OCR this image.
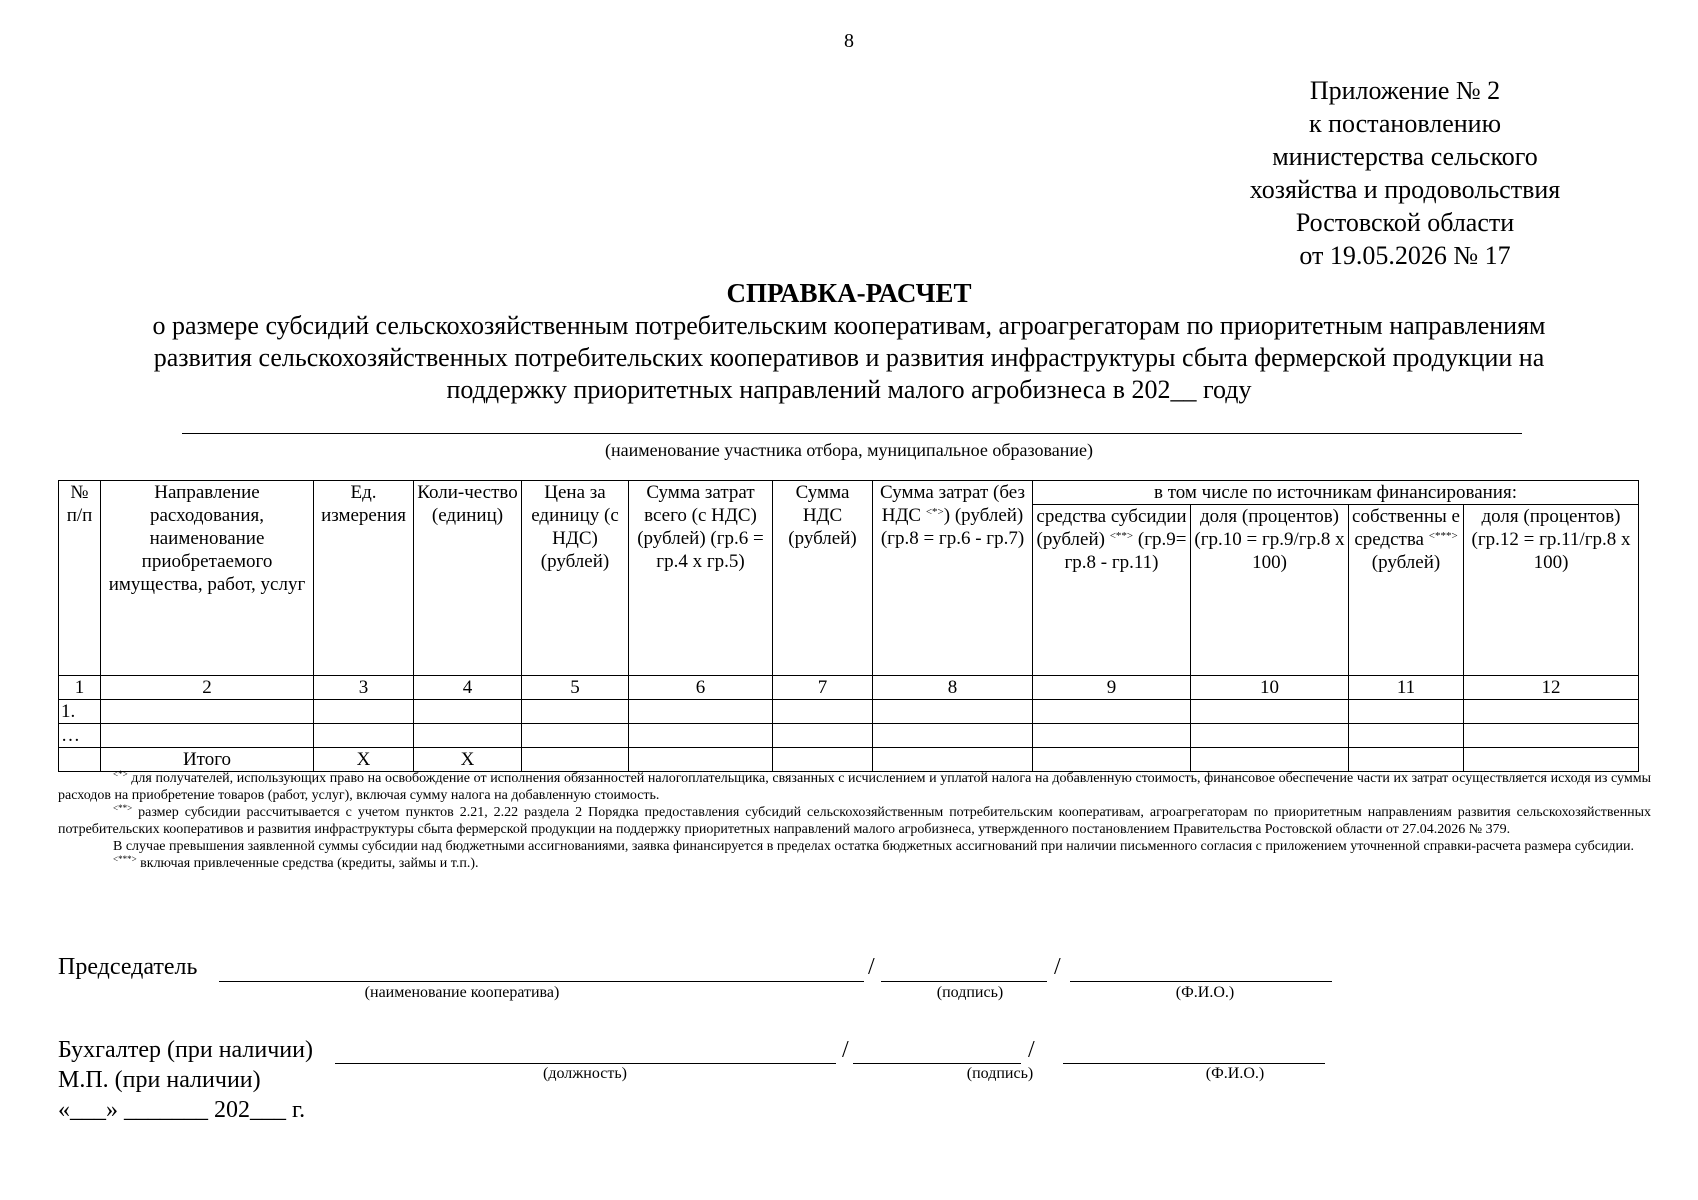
8
Приложение № 2
к постановлению
министерства сельского
хозяйства и продовольствия
Ростовской области
от 19.05.2026 № 17
СПРАВКА-РАСЧЕТ
о размере субсидий сельскохозяйственным потребительским кооперативам, агроагрегаторам по приоритетным направлениям
развития сельскохозяйственных потребительских кооперативов и развития инфраструктуры сбыта фермерской продукции на
поддержку приоритетных направлений малого агробизнеса в 202__ году
(наименование участника отбора, муниципальное образование)
№ п/п	Направление расходования, наименование приобретаемого имущества, работ, услуг	Ед. измерения	Коли-чество (единиц)	Цена за единицу (с НДС) (рублей)	Сумма затрат всего (с НДС) (рублей) (гр.6 = гр.4 x гр.5)	Сумма НДС (рублей)	Сумма затрат (без НДС <*>) (рублей) (гр.8 = гр.6 - гр.7)	в том числе по источникам финансирования:			
								средства субсидии (рублей) <**> (гр.9= гр.8 - гр.11)	доля (процентов) (гр.10 = гр.9/гр.8 x 100)	собственны е средства <***> (рублей)	доля (процентов) (гр.12 = гр.11/гр.8 x 100)
1	2	3	4	5	6	7	8	9	10	11	12
1.											
…											
	Итого	X	X								

<*> для получателей, использующих право на освобождение от исполнения обязанностей налогоплательщика, связанных с исчислением и уплатой налога на добавленную стоимость, финансовое обеспечение части их затрат осуществляется исходя из суммы расходов на приобретение товаров (работ, услуг), включая сумму налога на добавленную стоимость.

<**> размер субсидии рассчитывается с учетом пунктов 2.21, 2.22 раздела 2 Порядка предоставления субсидий сельскохозяйственным потребительским кооперативам, агроагрегаторам по приоритетным направлениям развития сельскохозяйственных потребительских кооперативов и развития инфраструктуры сбыта фермерской продукции на поддержку приоритетных направлений малого агробизнеса, утвержденного постановлением Правительства Ростовской области от 27.04.2026 № 379.

В случае превышения заявленной суммы субсидии над бюджетными ассигнованиями, заявка финансируется в пределах остатка бюджетных ассигнований при наличии письменного согласия с приложением уточненной справки-расчета размера субсидии.

<***> включая привлеченные средства (кредиты, займы и т.п.).

Председатель	/	/
(наименование кооператива)	(подпись)	(Ф.И.О.)
Бухгалтер (при наличии)	/	/
(должность)	(подпись)	(Ф.И.О.)
М.П. (при наличии)
«___» _______ 202___ г.
